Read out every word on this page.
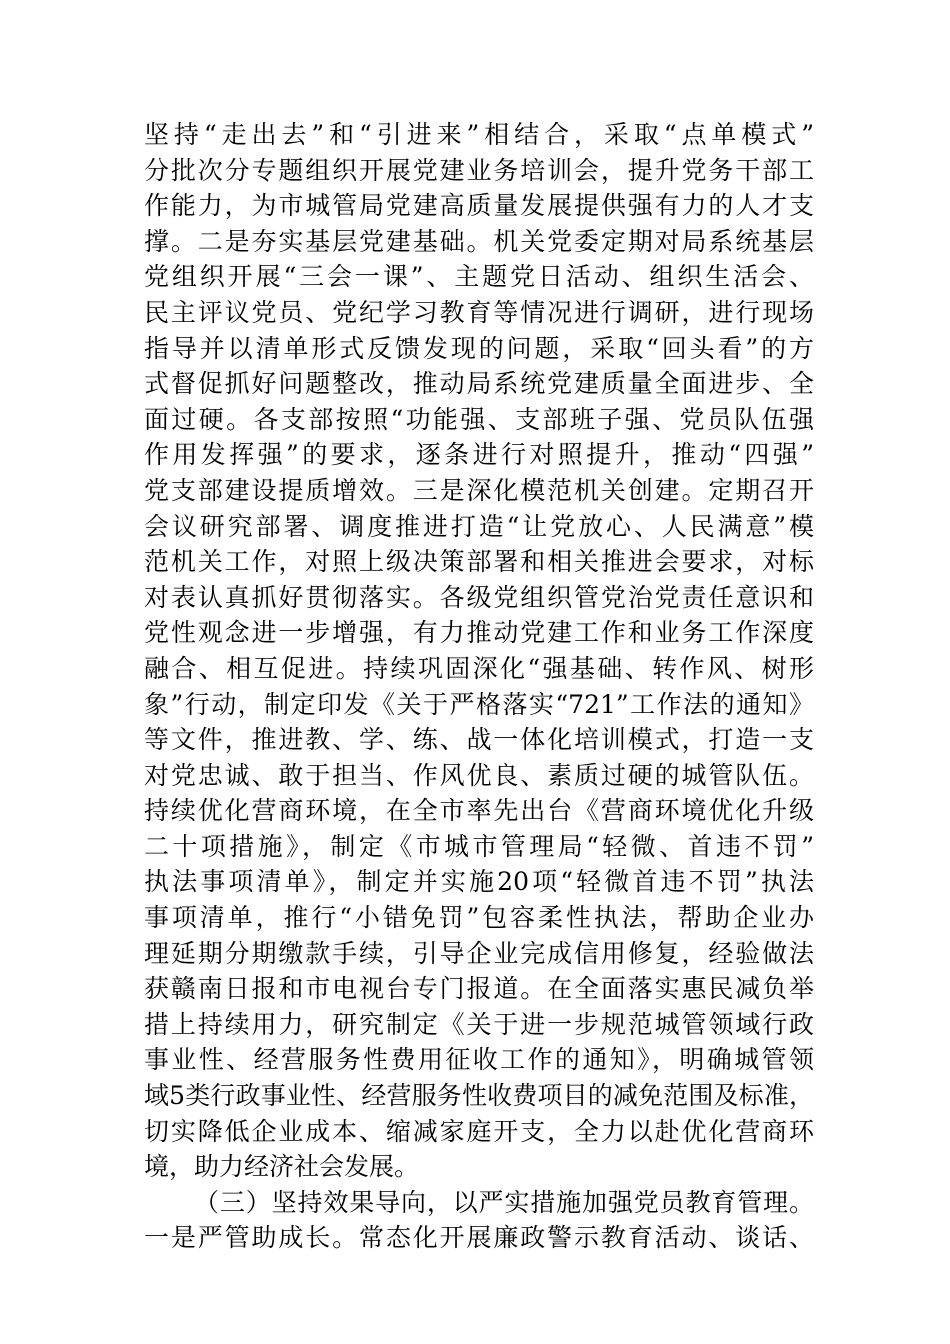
坚持“走出去”和“引进来”相结合，采取“点单模式”
分批次分专题组织开展党建业务培训会，提升党务干部工
作能力，为市城管局党建高质量发展提供强有力的人才支
撑。二是夯实基层党建基础。机关党委定期对局系统基层
党组织开展“三会一课”、主题党日活动、组织生活会、
民主评议党员、党纪学习教育等情况进行调研，进行现场
指导并以清单形式反馈发现的问题，采取“回头看”的方
式督促抓好问题整改，推动局系统党建质量全面进步、全
面过硬。各支部按照“功能强、支部班子强、党员队伍强
作用发挥强”的要求，逐条进行对照提升，推动“四强”
党支部建设提质增效。三是深化模范机关创建。定期召开
会议研究部署、调度推进打造“让党放心、人民满意”模
范机关工作，对照上级决策部署和相关推进会要求，对标
对表认真抓好贯彻落实。各级党组织管党治党责任意识和
党性观念进一步增强，有力推动党建工作和业务工作深度
融合、相互促进。持续巩固深化“强基础、转作风、树形
象”行动，制定印发《关于严格落实“721”工作法的通知》
等文件，推进教、学、练、战一体化培训模式，打造一支
对党忠诚、敢于担当、作风优良、素质过硬的城管队伍。
持续优化营商环境，在全市率先出台《营商环境优化升级
二十项措施》，制定《市城市管理局“轻微、首违不罚”
执法事项清单》，制定并实施20项“轻微首违不罚”执法
事项清单，推行“小错免罚”包容柔性执法，帮助企业办
理延期分期缴款手续，引导企业完成信用修复，经验做法
获赣南日报和市电视台专门报道。在全面落实惠民减负举
措上持续用力，研究制定《关于进一步规范城管领域行政
事业性、经营服务性费用征收工作的通知》，明确城管领
域5类行政事业性、经营服务性收费项目的减免范围及标准，
切实降低企业成本、缩减家庭开支，全力以赴优化营商环
境，助力经济社会发展。
（三）坚持效果导向，以严实措施加强党员教育管理。
一是严管助成长。常态化开展廉政警示教育活动、谈话、
